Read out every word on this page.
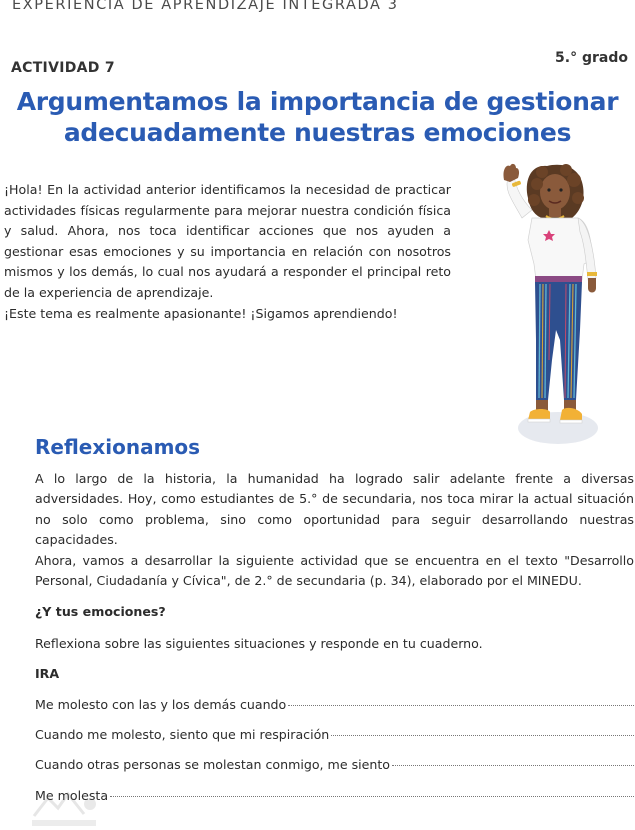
EXPERIENCIA DE APRENDIZAJE INTEGRADA 3
ACTIVIDAD 7
5.° grado
Argumentamos la importancia de gestionar
adecuadamente nuestras emociones

¡Hola! En la actividad anterior identificamos la necesidad de practicar actividades físicas regularmente para mejorar nuestra condición física y salud. Ahora, nos toca identificar acciones que nos ayuden a gestionar esas emociones y su importancia en relación con nosotros mismos y los demás, lo cual nos ayudará a responder el principal reto de la experiencia de aprendizaje.

¡Este tema es realmente apasionante! ¡Sigamos aprendiendo!

Reflexionamos

A lo largo de la historia, la humanidad ha logrado salir adelante frente a diversas adversidades. Hoy, como estudiantes de 5.° de secundaria, nos toca mirar la actual situación no solo como problema, sino como oportunidad para seguir desarrollando nuestras capacidades.

Ahora, vamos a desarrollar la siguiente actividad que se encuentra en el texto "Desarrollo Personal, Ciudadanía y Cívica", de 2.° de secundaria (p. 34), elaborado por el MINEDU.

¿Y tus emociones?

Reflexiona sobre las siguientes situaciones y responde en tu cuaderno.

IRA

Me molesto con las y los demás cuando
Cuando me molesto, siento que mi respiración
Cuando otras personas se molestan conmigo, me siento
Me molesta
